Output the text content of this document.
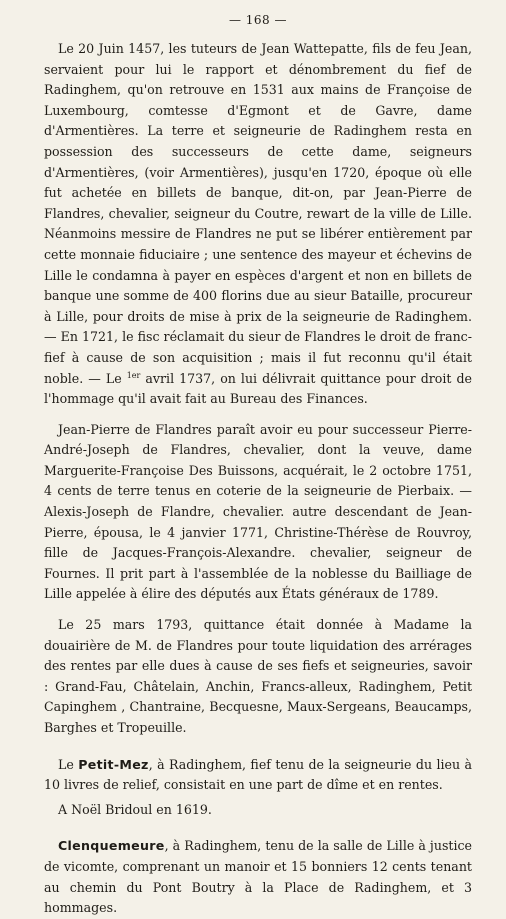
— 168 —

Le 20 Juin 1457, les tuteurs de Jean Wattepatte, fils de feu Jean, servaient pour lui le rapport et dénombrement du fief de Radinghem, qu'on retrouve en 1531 aux mains de Françoise de Luxembourg, comtesse d'Egmont et de Gavre, dame d'Armentières. La terre et seigneurie de Radinghem resta en possession des successeurs de cette dame, seigneurs d'Armentières, (voir Armentières), jusqu'en 1720, époque où elle fut achetée en billets de banque, dit-on, par Jean-Pierre de Flandres, chevalier, seigneur du Coutre, rewart de la ville de Lille. Néanmoins messire de Flandres ne put se libérer entièrement par cette monnaie fiduciaire ; une sentence des mayeur et échevins de Lille le condamna à payer en espèces d'argent et non en billets de banque une somme de 400 florins due au sieur Bataille, procureur à Lille, pour droits de mise à prix de la seigneurie de Radinghem. — En 1721, le fisc réclamait du sieur de Flandres le droit de franc-fief à cause de son acquisition ; mais il fut reconnu qu'il était noble. — Le $^{1er}$ avril 1737, on lui délivrait quittance pour droit de l'hommage qu'il avait fait au Bureau des Finances.

Jean-Pierre de Flandres paraît avoir eu pour successeur Pierre-André-Joseph de Flandres, chevalier, dont la veuve, dame Marguerite-Françoise Des Buissons, acquérait, le 2 octobre 1751, 4 cents de terre tenus en coterie de la seigneurie de Pierbaix. — Alexis-Joseph de Flandre, chevalier. autre descendant de Jean-Pierre, épousa, le 4 janvier 1771, Christine-Thérèse de Rouvroy, fille de Jacques-François-Alexandre. chevalier, seigneur de Fournes. Il prit part à l'assemblée de la noblesse du Bailliage de Lille appelée à élire des députés aux États généraux de 1789.

Le 25 mars 1793, quittance était donnée à Madame la douairière de M. de Flandres pour toute liquidation des arrérages des rentes par elle dues à cause de ses fiefs et seigneuries, savoir : Grand-Fau, Châtelain, Anchin, Francs-alleux, Radinghem, Petit Capinghem , Chantraine, Becquesne, Maux-Sergeans, Beaucamps, Barghes et Tropeuille.

Le Petit-Mez, à Radinghem, fief tenu de la seigneurie du lieu à 10 livres de relief, consistait en une part de dîme et en rentes.

A Noël Bridoul en 1619.

Clenquemeure, à Radinghem, tenu de la salle de Lille à justice de vicomte, comprenant un manoir et 15 bonniers 12 cents tenant au chemin du Pont Boutry à la Place de Radinghem, et 3 hommages.
